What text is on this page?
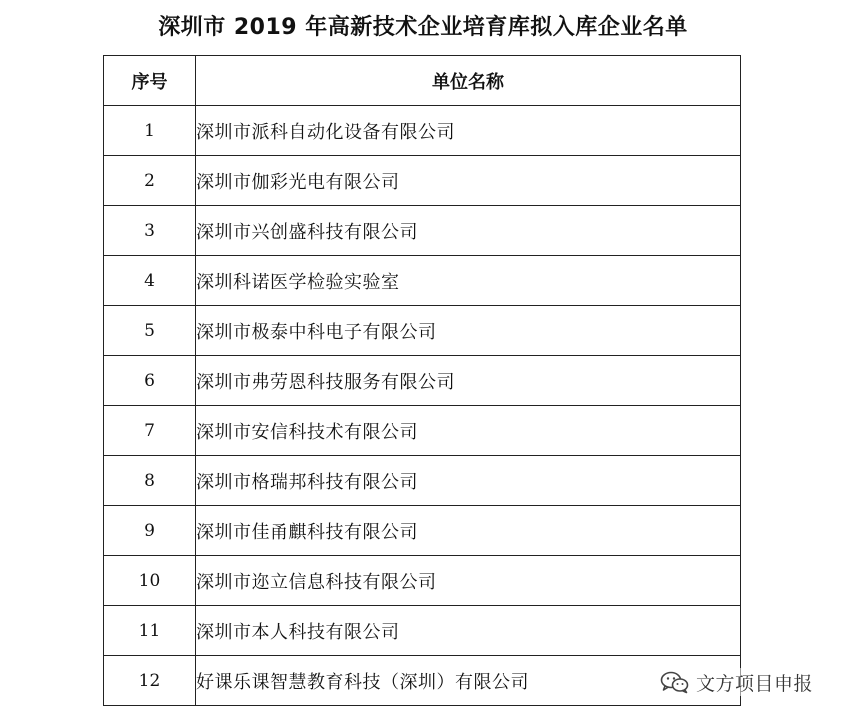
深圳市 2019 年高新技术企业培育库拟入库企业名单
序号	单位名称
1	深圳市派科自动化设备有限公司
2	深圳市伽彩光电有限公司
3	深圳市兴创盛科技有限公司
4	深圳科诺医学检验实验室
5	深圳市极泰中科电子有限公司
6	深圳市弗劳恩科技服务有限公司
7	深圳市安信科技术有限公司
8	深圳市格瑞邦科技有限公司
9	深圳市佳甬麒科技有限公司
10	深圳市迩立信息科技有限公司
11	深圳市本人科技有限公司
12	好课乐课智慧教育科技（深圳）有限公司	文方项目申报
